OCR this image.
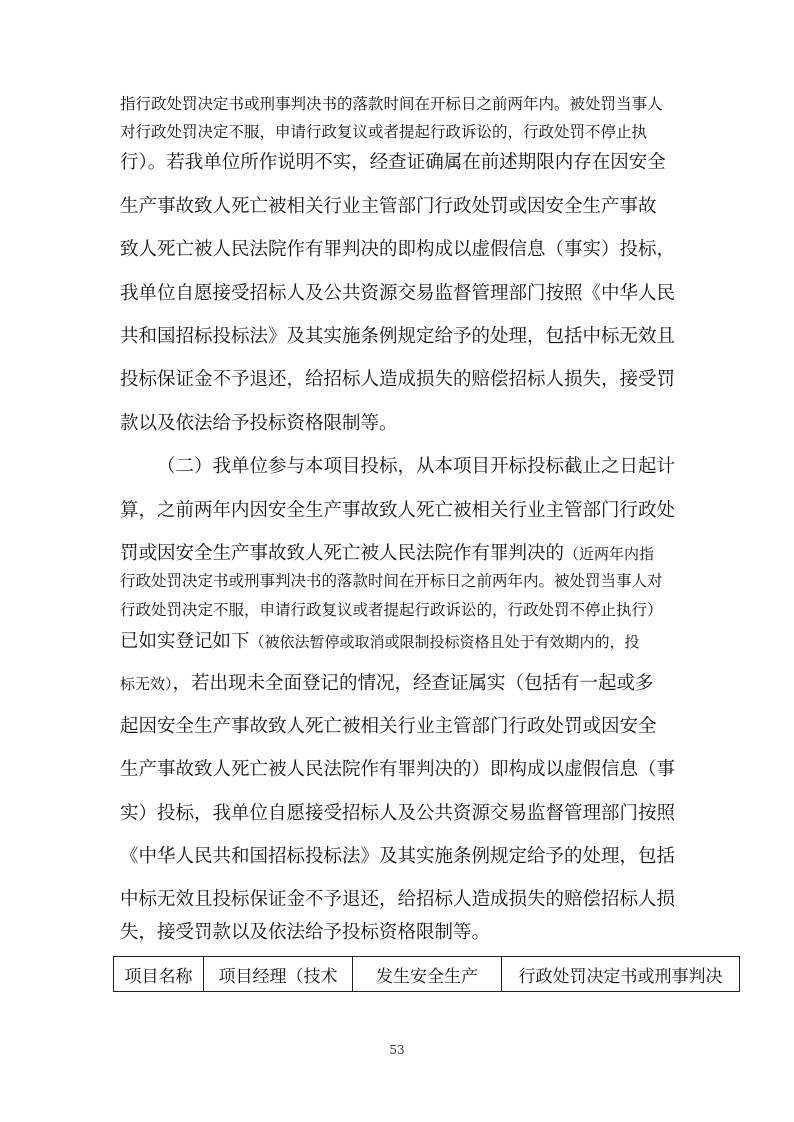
指行政处罚决定书或刑事判决书的落款时间在开标日之前两年内。被处罚当事人
对行政处罚决定不服，申请行政复议或者提起行政诉讼的，行政处罚不停止执
行）。若我单位所作说明不实，经查证确属在前述期限内存在因安全
生产事故致人死亡被相关行业主管部门行政处罚或因安全生产事故
致人死亡被人民法院作有罪判决的即构成以虚假信息（事实）投标，
我单位自愿接受招标人及公共资源交易监督管理部门按照《中华人民
共和国招标投标法》及其实施条例规定给予的处理，包括中标无效且
投标保证金不予退还，给招标人造成损失的赔偿招标人损失，接受罚
款以及依法给予投标资格限制等。
（二）我单位参与本项目投标，从本项目开标投标截止之日起计
算，之前两年内因安全生产事故致人死亡被相关行业主管部门行政处
罚或因安全生产事故致人死亡被人民法院作有罪判决的（近两年内指
行政处罚决定书或刑事判决书的落款时间在开标日之前两年内。被处罚当事人对
行政处罚决定不服，申请行政复议或者提起行政诉讼的，行政处罚不停止执行）
已如实登记如下（被依法暂停或取消或限制投标资格且处于有效期内的，投
标无效），若出现未全面登记的情况，经查证属实（包括有一起或多
起因安全生产事故致人死亡被相关行业主管部门行政处罚或因安全
生产事故致人死亡被人民法院作有罪判决的）即构成以虚假信息（事
实）投标，我单位自愿接受招标人及公共资源交易监督管理部门按照
《中华人民共和国招标投标法》及其实施条例规定给予的处理，包括
中标无效且投标保证金不予退还，给招标人造成损失的赔偿招标人损
失，接受罚款以及依法给予投标资格限制等。
项目名称	项目经理（技术	发生安全生产	行政处罚决定书或刑事判决
53
